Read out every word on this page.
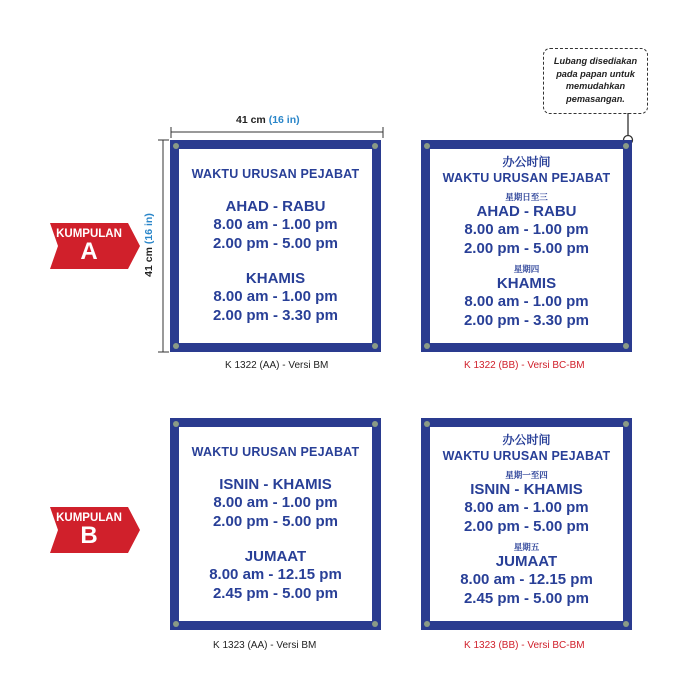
41 cm (16 in)
41 cm (16 in)
Lubang disediakan
pada papan untuk
memudahkan
pemasangan.
KUMPULAN
A
KUMPULAN
B
WAKTU URUSAN PEJABAT
AHAD - RABU
8.00 am - 1.00 pm
2.00 pm - 5.00 pm
KHAMIS
8.00 am - 1.00 pm
2.00 pm - 3.30 pm
K 1322 (AA) - Versi BM
办公时间
WAKTU URUSAN PEJABAT
星期日至三
AHAD - RABU
8.00 am - 1.00 pm
2.00 pm - 5.00 pm
星期四
KHAMIS
8.00 am - 1.00 pm
2.00 pm - 3.30 pm
K 1322 (BB) - Versi BC-BM
WAKTU URUSAN PEJABAT
ISNIN - KHAMIS
8.00 am - 1.00 pm
2.00 pm - 5.00 pm
JUMAAT
8.00 am - 12.15 pm
2.45 pm - 5.00 pm
K 1323 (AA) - Versi BM
办公时间
WAKTU URUSAN PEJABAT
星期一至四
ISNIN - KHAMIS
8.00 am - 1.00 pm
2.00 pm - 5.00 pm
星期五
JUMAAT
8.00 am - 12.15 pm
2.45 pm - 5.00 pm
K 1323 (BB) - Versi BC-BM
